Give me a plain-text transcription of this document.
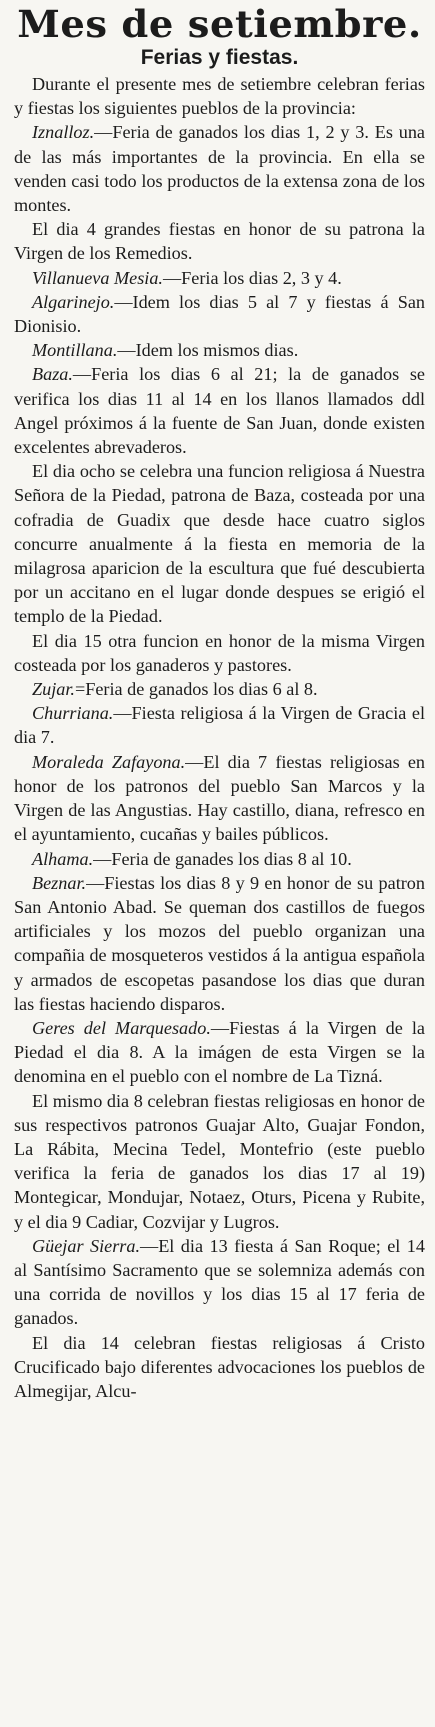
Mes de setiembre.
Ferias y fiestas.

Durante el presente mes de setiembre celebran ferias y fiestas los siguientes pueblos de la provincia:

Iznalloz.—Feria de ganados los dias 1, 2 y 3. Es una de las más importantes de la provincia. En ella se venden casi todo los productos de la extensa zona de los montes.

El dia 4 grandes fiestas en honor de su patrona la Virgen de los Remedios.

Villanueva Mesia.—Feria los dias 2, 3 y 4.

Algarinejo.—Idem los dias 5 al 7 y fiestas á San Dionisio.

Montillana.—Idem los mismos dias.

Baza.—Feria los dias 6 al 21; la de ganados se verifica los dias 11 al 14 en los llanos llamados ddl Angel próximos á la fuente de San Juan, donde existen excelentes abrevaderos.

El dia ocho se celebra una funcion religiosa á Nuestra Señora de la Piedad, patrona de Baza, costeada por una cofradia de Guadix que desde hace cuatro siglos concurre anualmente á la fiesta en memoria de la milagrosa aparicion de la escultura que fué descubierta por un accitano en el lugar donde despues se erigió el templo de la Piedad.

El dia 15 otra funcion en honor de la misma Virgen costeada por los ganaderos y pastores.

Zujar.=Feria de ganados los dias 6 al 8.

Churriana.—Fiesta religiosa á la Virgen de Gracia el dia 7.

Moraleda Zafayona.—El dia 7 fiestas religiosas en honor de los patronos del pueblo San Marcos y la Virgen de las Angustias. Hay castillo, diana, refresco en el ayuntamiento, cucañas y bailes públicos.

Alhama.—Feria de ganades los dias 8 al 10.

Beznar.—Fiestas los dias 8 y 9 en honor de su patron San Antonio Abad. Se queman dos castillos de fuegos artificiales y los mozos del pueblo organizan una compañia de mosqueteros vestidos á la antigua española y armados de escopetas pasandose los dias que duran las fiestas haciendo disparos.

Geres del Marquesado.—Fiestas á la Virgen de la Piedad el dia 8. A la imágen de esta Virgen se la denomina en el pueblo con el nombre de La Tizná.

El mismo dia 8 celebran fiestas religiosas en honor de sus respectivos patronos Guajar Alto, Guajar Fondon, La Rábita, Mecina Tedel, Montefrio (este pueblo verifica la feria de ganados los dias 17 al 19) Montegicar, Mondujar, Notaez, Oturs, Picena y Rubite, y el dia 9 Cadiar, Cozvijar y Lugros.

Güejar Sierra.—El dia 13 fiesta á San Roque; el 14 al Santísimo Sacramento que se solemniza además con una corrida de novillos y los dias 15 al 17 feria de ganados.

El dia 14 celebran fiestas religiosas á Cristo Crucificado bajo diferentes advocaciones los pueblos de Almegijar, Alcu-
